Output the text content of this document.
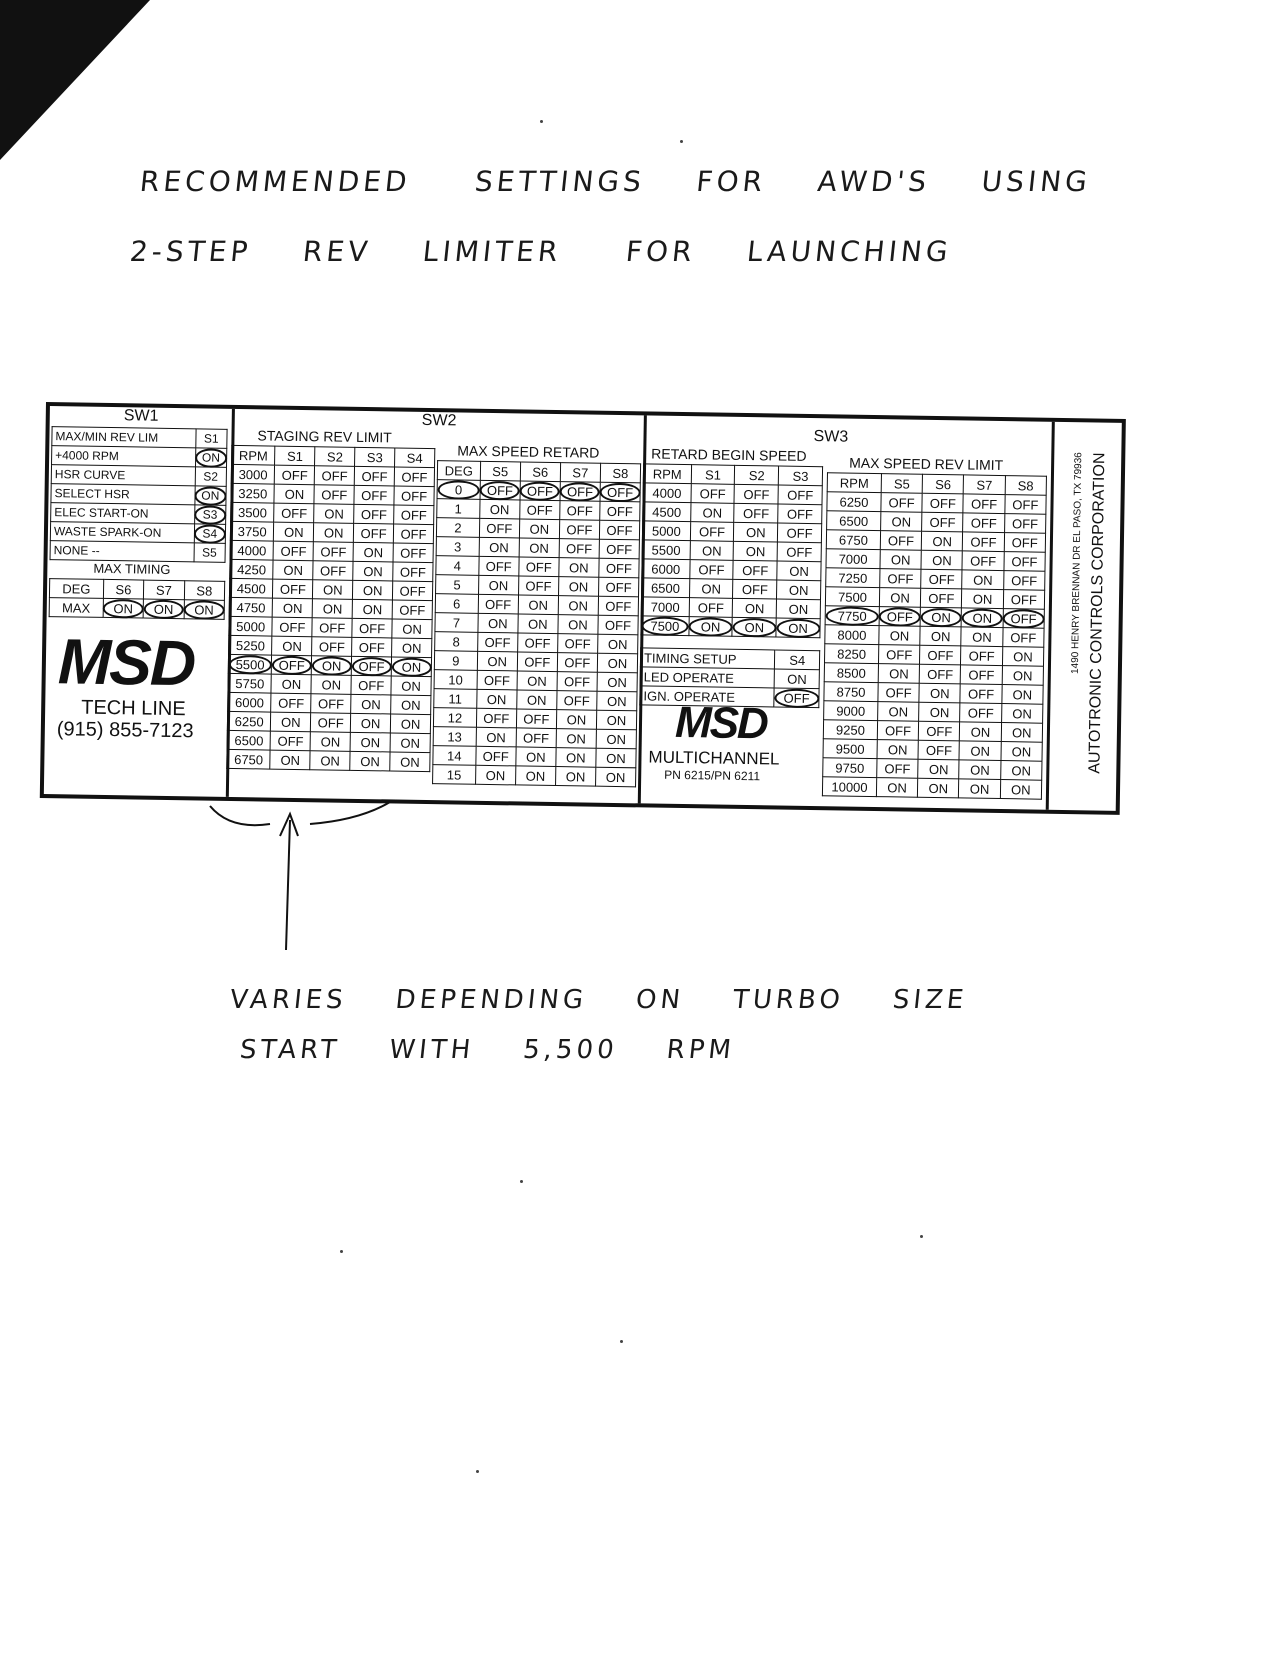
RECOMMENDED SETTINGS FOR AWD'S USING
2-STEP REV LIMITER FOR LAUNCHING
SW1
MAX/MIN REV LIM	S1
+4000 RPM	ON
HSR CURVE	S2
SELECT HSR	ON
ELEC START-ON	S3
WASTE SPARK-ON	S4
NONE --	S5
MAX TIMING
DEG	S6	S7	S8
MAX	ON	ON	ON
MSD
TECH LINE
(915) 855-7123
SW2
STAGING REV LIMIT
RPM	S1	S2	S3	S4
3000	OFF	OFF	OFF	OFF
3250	ON	OFF	OFF	OFF
3500	OFF	ON	OFF	OFF
3750	ON	ON	OFF	OFF
4000	OFF	OFF	ON	OFF
4250	ON	OFF	ON	OFF
4500	OFF	ON	ON	OFF
4750	ON	ON	ON	OFF
5000	OFF	OFF	OFF	ON
5250	ON	OFF	OFF	ON
5500	OFF	ON	OFF	ON
5750	ON	ON	OFF	ON
6000	OFF	OFF	ON	ON
6250	ON	OFF	ON	ON
6500	OFF	ON	ON	ON
6750	ON	ON	ON	ON
MAX SPEED RETARD
DEG	S5	S6	S7	S8
0	OFF	OFF	OFF	OFF
1	ON	OFF	OFF	OFF
2	OFF	ON	OFF	OFF
3	ON	ON	OFF	OFF
4	OFF	OFF	ON	OFF
5	ON	OFF	ON	OFF
6	OFF	ON	ON	OFF
7	ON	ON	ON	OFF
8	OFF	OFF	OFF	ON
9	ON	OFF	OFF	ON
10	OFF	ON	OFF	ON
11	ON	ON	OFF	ON
12	OFF	OFF	ON	ON
13	ON	OFF	ON	ON
14	OFF	ON	ON	ON
15	ON	ON	ON	ON
SW3
RETARD BEGIN SPEED
RPM	S1	S2	S3
4000	OFF	OFF	OFF
4500	ON	OFF	OFF
5000	OFF	ON	OFF
5500	ON	ON	OFF
6000	OFF	OFF	ON
6500	ON	OFF	ON
7000	OFF	ON	ON
7500	ON	ON	ON
TIMING SETUP	S4
LED OPERATE	ON
IGN. OPERATE	OFF
MSD
MULTICHANNEL
PN 6215/PN 6211
MAX SPEED REV LIMIT
RPM	S5	S6	S7	S8
6250	OFF	OFF	OFF	OFF
6500	ON	OFF	OFF	OFF
6750	OFF	ON	OFF	OFF
7000	ON	ON	OFF	OFF
7250	OFF	OFF	ON	OFF
7500	ON	OFF	ON	OFF
7750	OFF	ON	ON	OFF
8000	ON	ON	ON	OFF
8250	OFF	OFF	OFF	ON
8500	ON	OFF	OFF	ON
8750	OFF	ON	OFF	ON
9000	ON	ON	OFF	ON
9250	OFF	OFF	ON	ON
9500	ON	OFF	ON	ON
9750	OFF	ON	ON	ON
10000	ON	ON	ON	ON
AUTOTRONIC CONTROLS CORPORATION
1490 HENRY BRENNAN DR EL PASO, TX 79936
VARIES DEPENDING ON TURBO SIZE
START WITH 5,500 RPM
